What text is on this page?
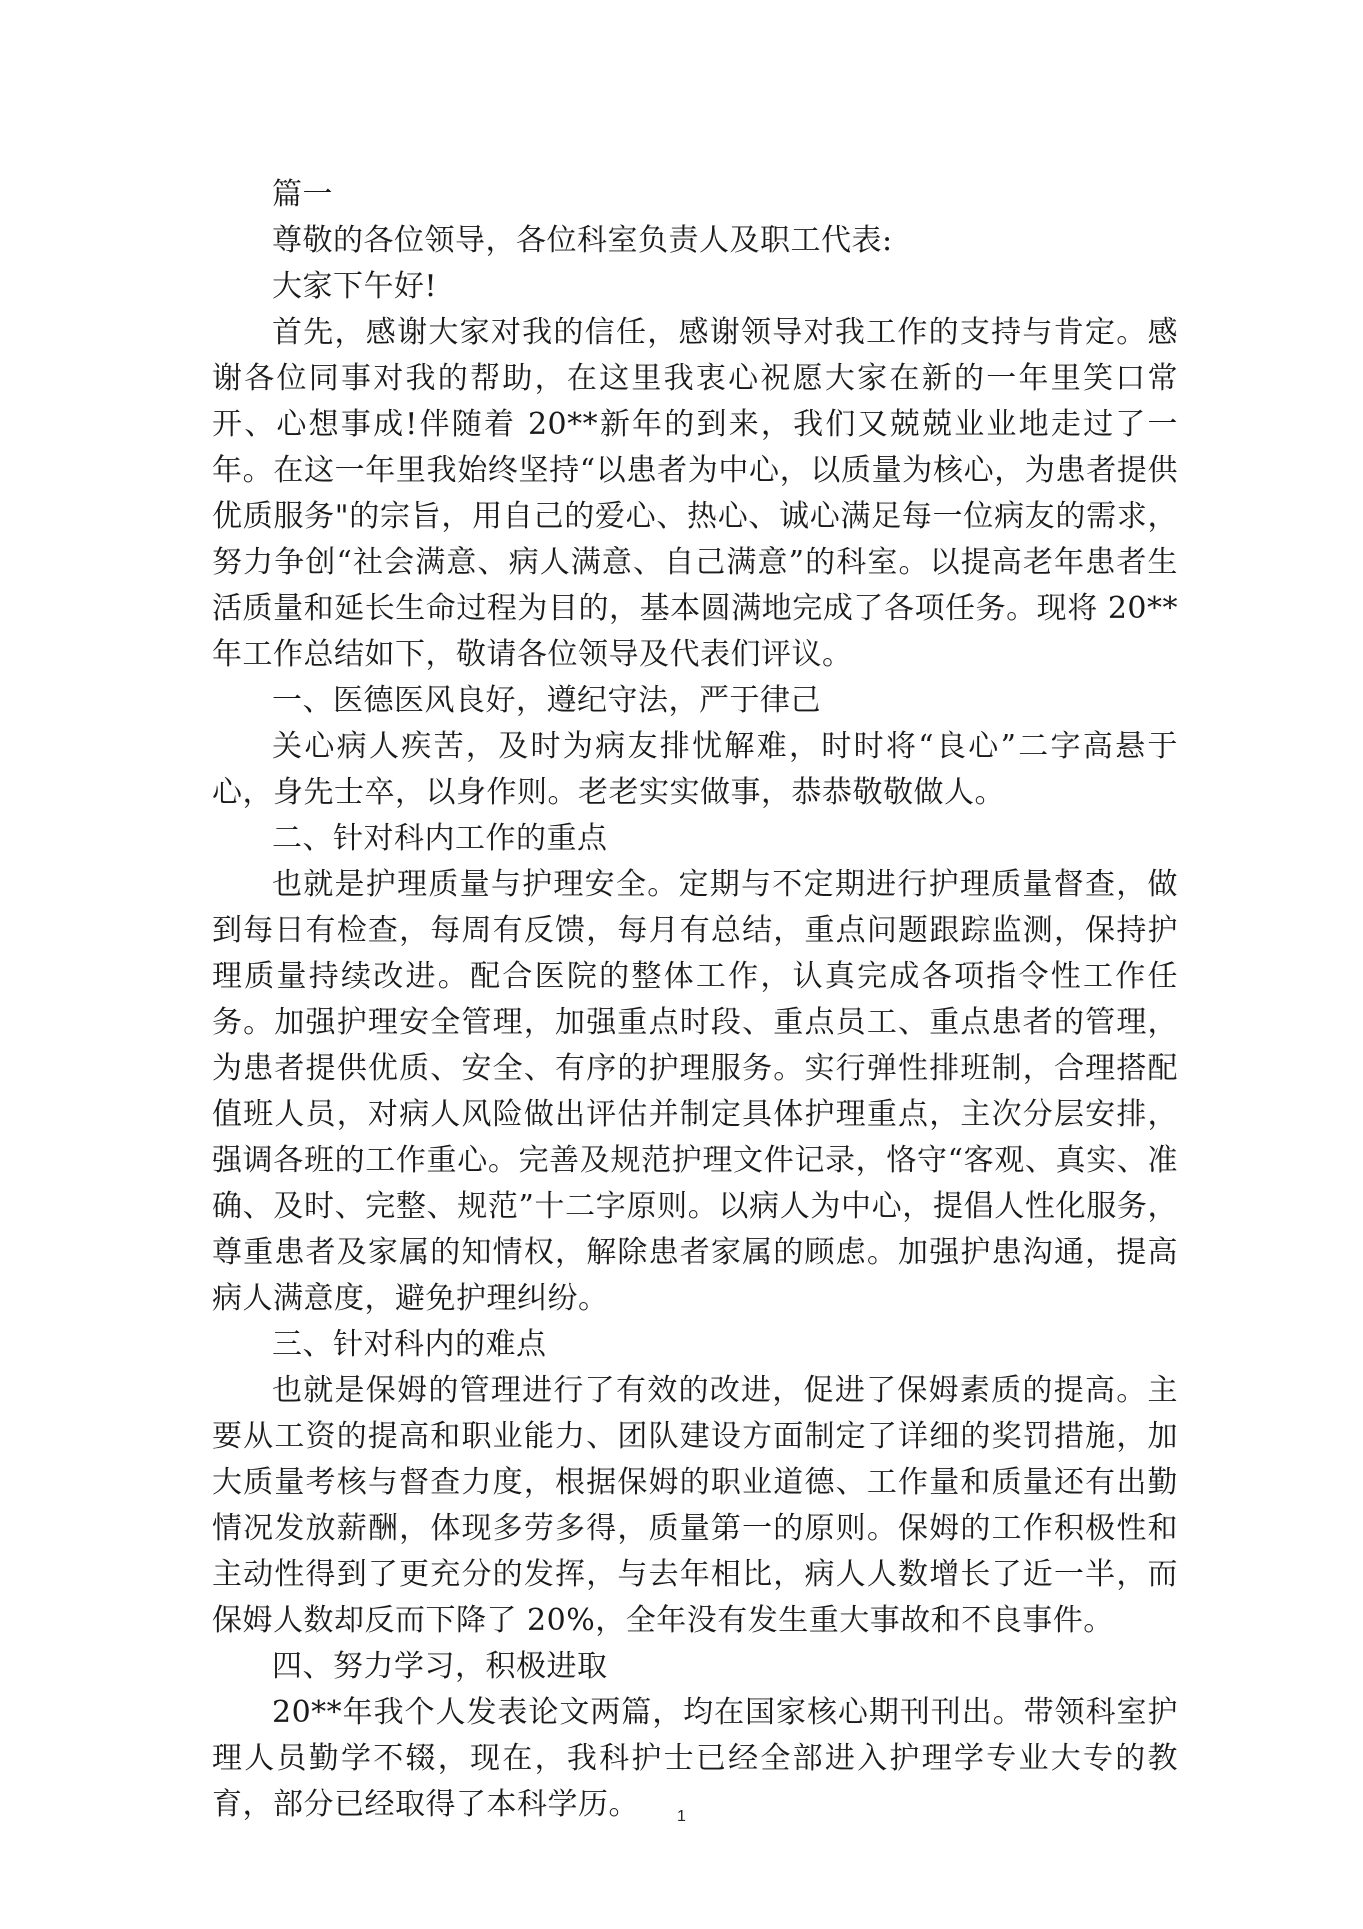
篇一

尊敬的各位领导，各位科室负责人及职工代表:

大家下午好!

首先，感谢大家对我的信任，感谢领导对我工作的支持与肯定。感谢各位同事对我的帮助，在这里我衷心祝愿大家在新的一年里笑口常开、心想事成!伴随着 20**新年的到来，我们又兢兢业业地走过了一年。在这一年里我始终坚持“以患者为中心，以质量为核心，为患者提供优质服务"的宗旨，用自己的爱心、热心、诚心满足每一位病友的需求，努力争创“社会满意、病人满意、自己满意”的科室。以提高老年患者生活质量和延长生命过程为目的，基本圆满地完成了各项任务。现将 20**年工作总结如下，敬请各位领导及代表们评议。

一、医德医风良好，遵纪守法，严于律己

关心病人疾苦，及时为病友排忧解难，时时将“良心”二字高悬于心，身先士卒，以身作则。老老实实做事，恭恭敬敬做人。

二、针对科内工作的重点

也就是护理质量与护理安全。定期与不定期进行护理质量督查，做到每日有检查，每周有反馈，每月有总结，重点问题跟踪监测，保持护理质量持续改进。配合医院的整体工作，认真完成各项指令性工作任务。加强护理安全管理，加强重点时段、重点员工、重点患者的管理，为患者提供优质、安全、有序的护理服务。实行弹性排班制，合理搭配值班人员，对病人风险做出评估并制定具体护理重点，主次分层安排，强调各班的工作重心。完善及规范护理文件记录，恪守“客观、真实、准确、及时、完整、规范”十二字原则。以病人为中心，提倡人性化服务，尊重患者及家属的知情权，解除患者家属的顾虑。加强护患沟通，提高病人满意度，避免护理纠纷。

三、针对科内的难点

也就是保姆的管理进行了有效的改进，促进了保姆素质的提高。主要从工资的提高和职业能力、团队建设方面制定了详细的奖罚措施，加大质量考核与督查力度，根据保姆的职业道德、工作量和质量还有出勤情况发放薪酬，体现多劳多得，质量第一的原则。保姆的工作积极性和主动性得到了更充分的发挥，与去年相比，病人人数增长了近一半，而保姆人数却反而下降了 20%，全年没有发生重大事故和不良事件。

四、努力学习，积极进取

20**年我个人发表论文两篇，均在国家核心期刊刊出。带领科室护理人员勤学不辍，现在，我科护士已经全部进入护理学专业大专的教育，部分已经取得了本科学历。	1
